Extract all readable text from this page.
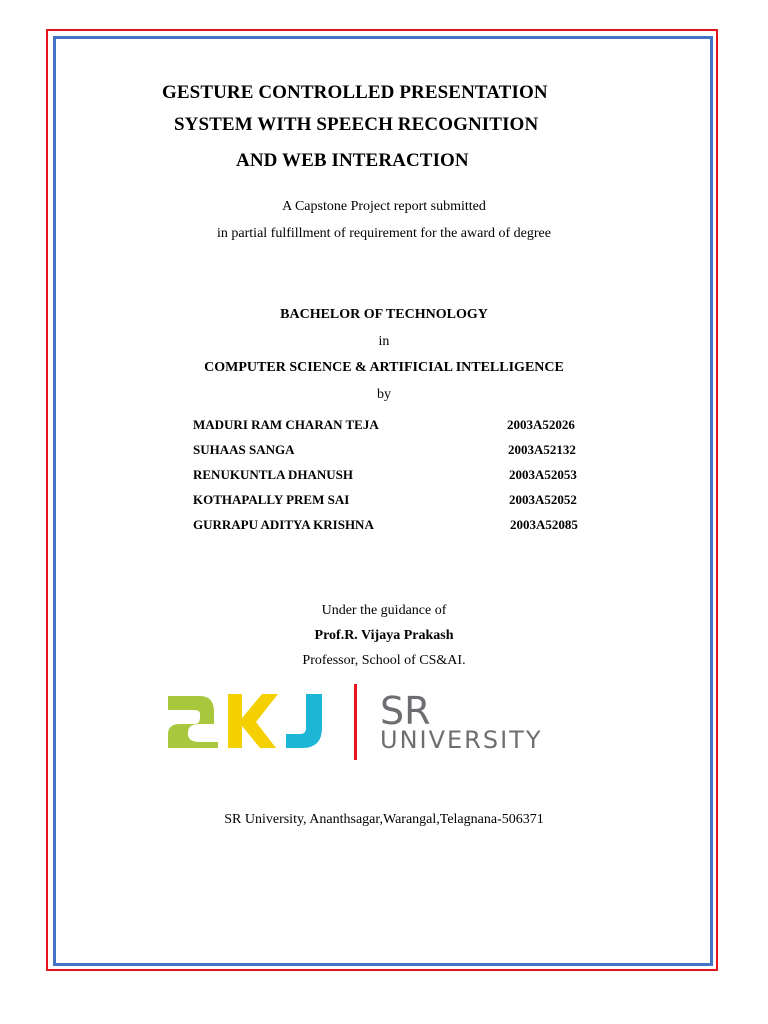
GESTURE CONTROLLED PRESENTATION
SYSTEM WITH SPEECH RECOGNITION
AND WEB INTERACTION
A Capstone Project report submitted
in partial fulfillment of requirement for the award of degree
BACHELOR OF TECHNOLOGY
in
COMPUTER SCIENCE & ARTIFICIAL INTELLIGENCE
by
MADURI RAM CHARAN TEJA	2003A52026
SUHAAS SANGA	2003A52132
RENUKUNTLA DHANUSH	2003A52053
KOTHAPALLY PREM SAI	2003A52052
GURRAPU ADITYA KRISHNA	2003A52085
Under the guidance of
Prof.R. Vijaya Prakash
Professor, School of CS&AI.
SR
UNIVERSITY
SR University, Ananthsagar,Warangal,Telagnana-506371
